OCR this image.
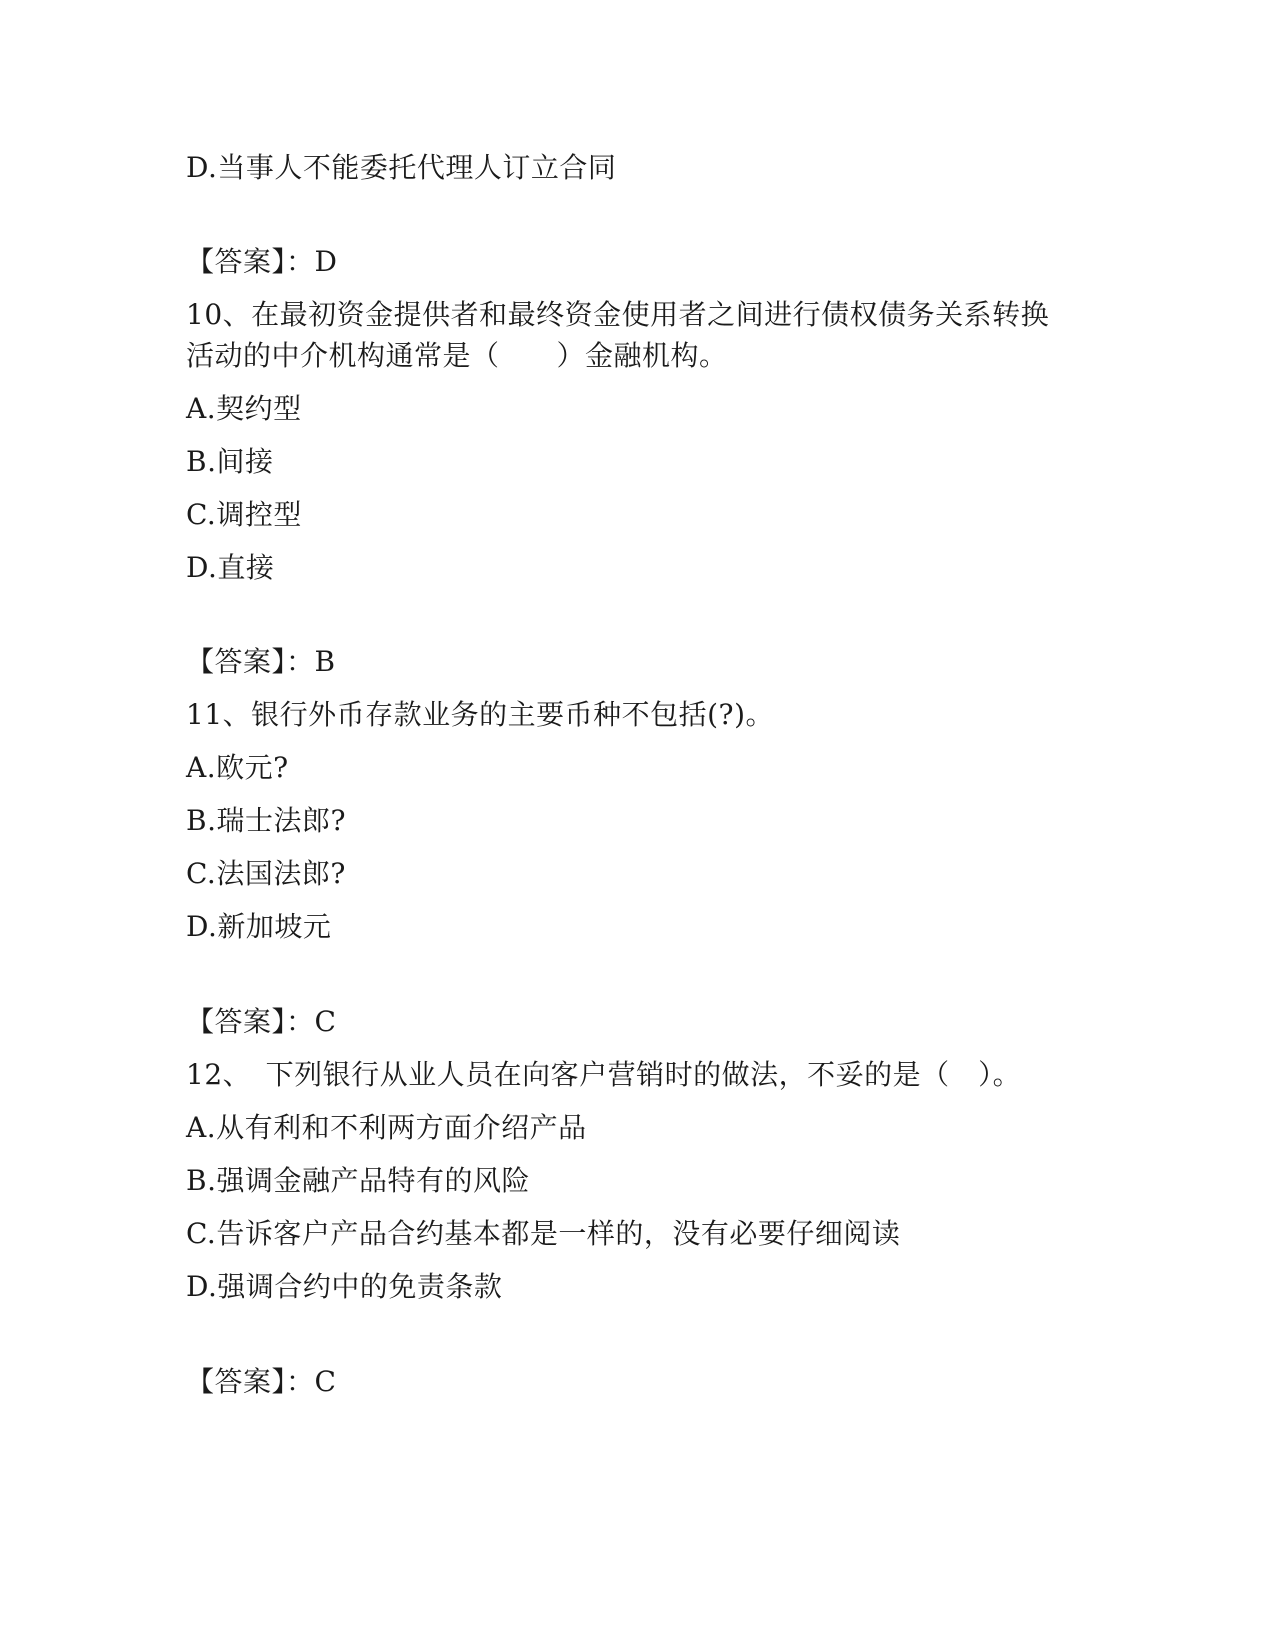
D.当事人不能委托代理人订立合同
【答案】：D
10、在最初资金提供者和最终资金使用者之间进行债权债务关系转换
活动的中介机构通常是（　　）金融机构。
A.契约型
B.间接
C.调控型
D.直接
【答案】：B
11、银行外币存款业务的主要币种不包括(?)。
A.欧元?
B.瑞士法郎?
C.法国法郎?
D.新加坡元
【答案】：C
12、　下列银行从业人员在向客户营销时的做法，不妥的是（　）。
A.从有利和不利两方面介绍产品
B.强调金融产品特有的风险
C.告诉客户产品合约基本都是一样的，没有必要仔细阅读
D.强调合约中的免责条款
【答案】：C
